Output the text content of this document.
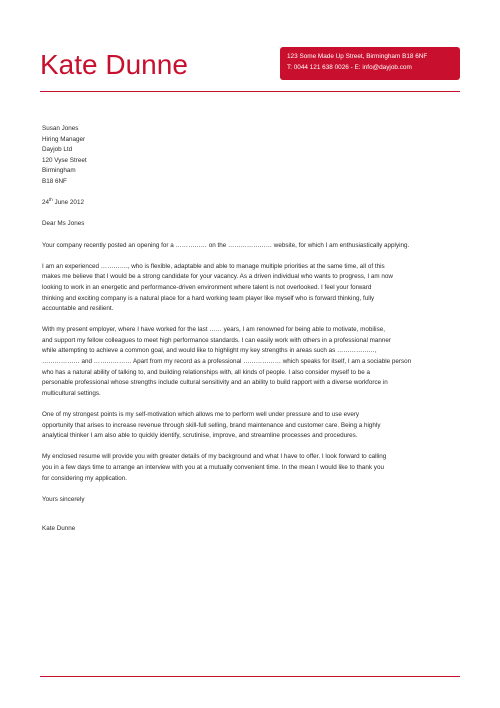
Kate Dunne	123 Some Made Up Street, Birmingham B18 6NF
T: 0044 121 638 0026 - E: info@dayjob.com
Susan Jones
Hiring Manager
Dayjob Ltd
120 Vyse Street
Birmingham
B18 6NF
24th June 2012
Dear Ms Jones
Your company recently posted an opening for a …………… on the ………………… website, for which I am enthusiastically applying.
I am an experienced …………., who is flexible, adaptable and able to manage multiple priorities at the same time, all of this
makes me believe that I would be a strong candidate for your vacancy. As a driven individual who wants to progress, I am now
looking to work in an energetic and performance-driven environment where talent is not overlooked. I feel your forward
thinking and exciting company is a natural place for a hard working team player like myself who is forward thinking, fully
accountable and resilient.
With my present employer, where I have worked for the last …… years, I am renowned for being able to motivate, mobilise,
and support my fellow colleagues to meet high performance standards. I can easily work with others in a professional manner
while attempting to achieve a common goal, and would like to highlight my key strengths in areas such as ………………,
……………… and ……………… Apart from my record as a professional ……………… which speaks for itself, I am a sociable person
who has a natural ability of talking to, and building relationships with, all kinds of people. I also consider myself to be a
personable professional whose strengths include cultural sensitivity and an ability to build rapport with a diverse workforce in
multicultural settings.
One of my strongest points is my self-motivation which allows me to perform well under pressure and to use every
opportunity that arises to increase revenue through skill-full selling, brand maintenance and customer care. Being a highly
analytical thinker I am also able to quickly identify, scrutinise, improve, and streamline processes and procedures.
My enclosed resume will provide you with greater details of my background and what I have to offer. I look forward to calling
you in a few days time to arrange an interview with you at a mutually convenient time. In the mean I would like to thank you
for considering my application.
Yours sincerely
Kate Dunne
